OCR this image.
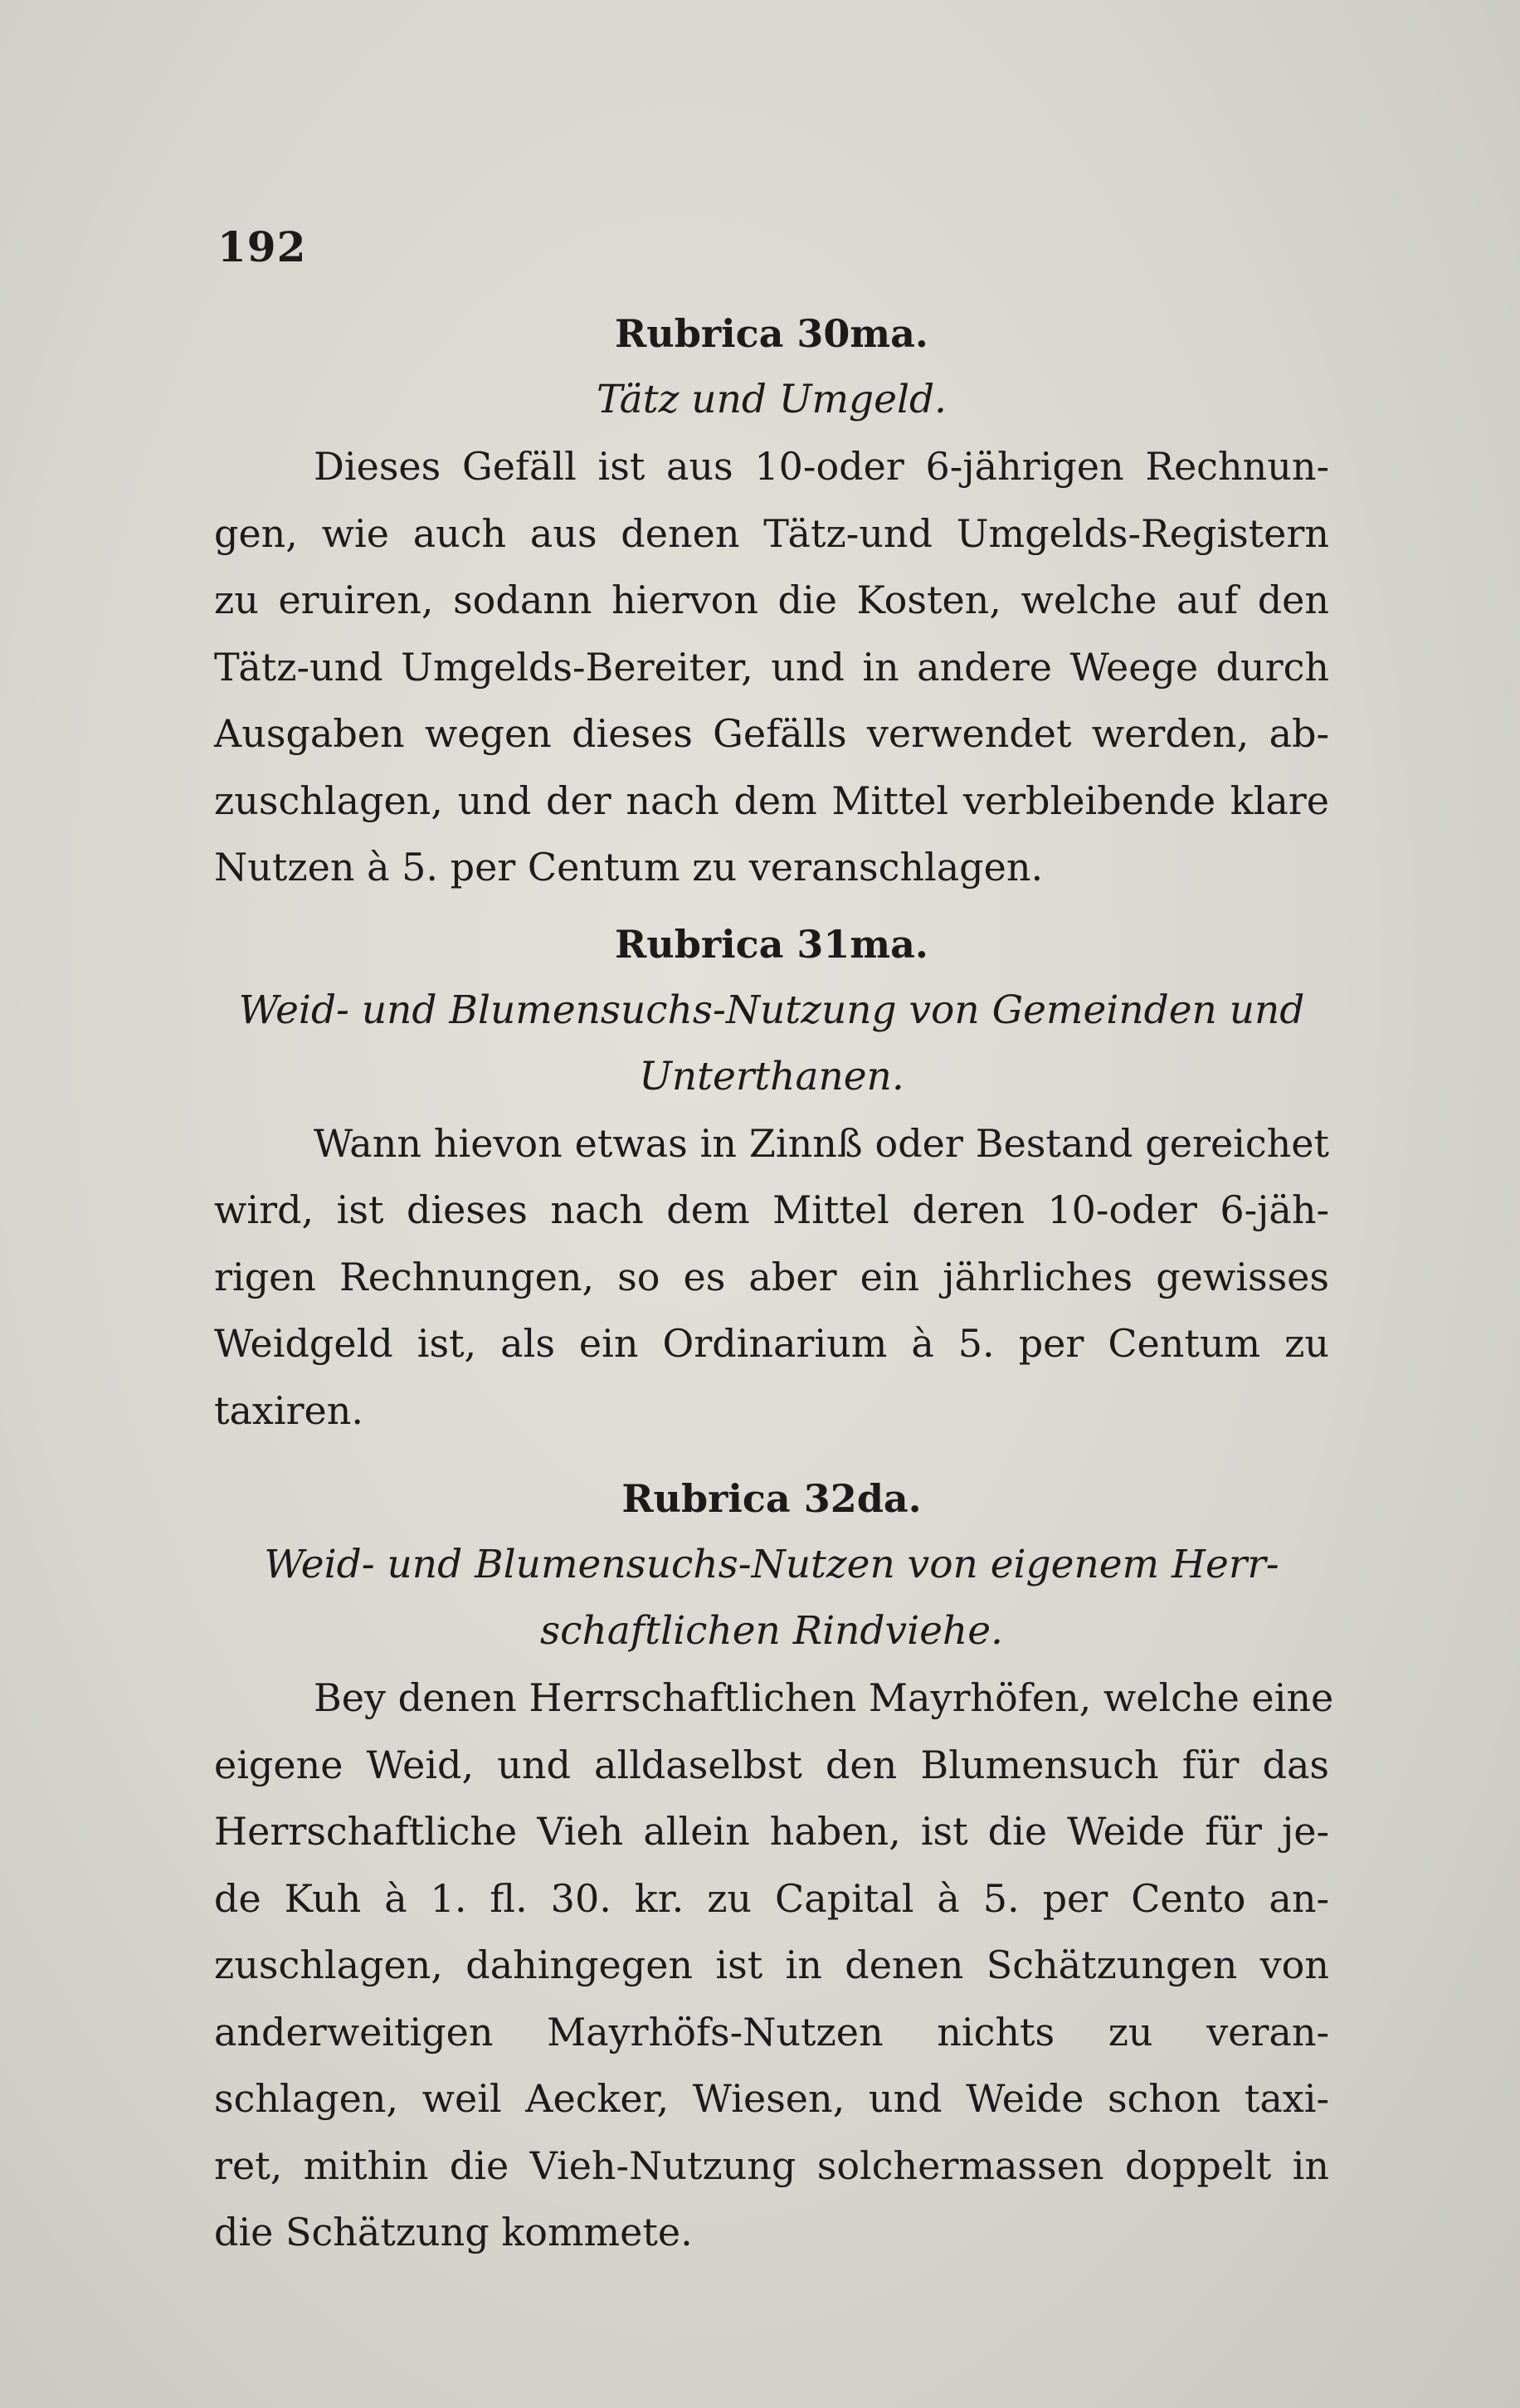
192

Rubrica 30ma.

Tätz und Umgeld.

Dieses Gefäll ist aus 10-oder 6-jährigen Rechnun-
gen, wie auch aus denen Tätz-und Umgelds-Registern
zu eruiren, sodann hiervon die Kosten, welche auf den
Tätz-und Umgelds-Bereiter, und in andere Weege durch
Ausgaben wegen dieses Gefälls verwendet werden, ab-
zuschlagen, und der nach dem Mittel verbleibende klare
Nutzen à 5. per Centum zu veranschlagen.

Rubrica 31ma.

Weid- und Blumensuchs-Nutzung von Gemeinden und

Unterthanen.

Wann hievon etwas in Zinnß oder Bestand gereichet
wird, ist dieses nach dem Mittel deren 10-oder 6-jäh-
rigen Rechnungen, so es aber ein jährliches gewisses
Weidgeld ist, als ein Ordinarium à 5. per Centum zu
taxiren.

Rubrica 32da.

Weid- und Blumensuchs-Nutzen von eigenem Herr-

schaftlichen Rindviehe.

Bey denen Herrschaftlichen Mayrhöfen, welche eine
eigene Weid, und alldaselbst den Blumensuch für das
Herrschaftliche Vieh allein haben, ist die Weide für je-
de Kuh à 1. fl. 30. kr. zu Capital à 5. per Cento an-
zuschlagen, dahingegen ist in denen Schätzungen von
anderweitigen Mayrhöfs-Nutzen nichts zu veran-
schlagen, weil Aecker, Wiesen, und Weide schon taxi-
ret, mithin die Vieh-Nutzung solchermassen doppelt in
die Schätzung kommete.
